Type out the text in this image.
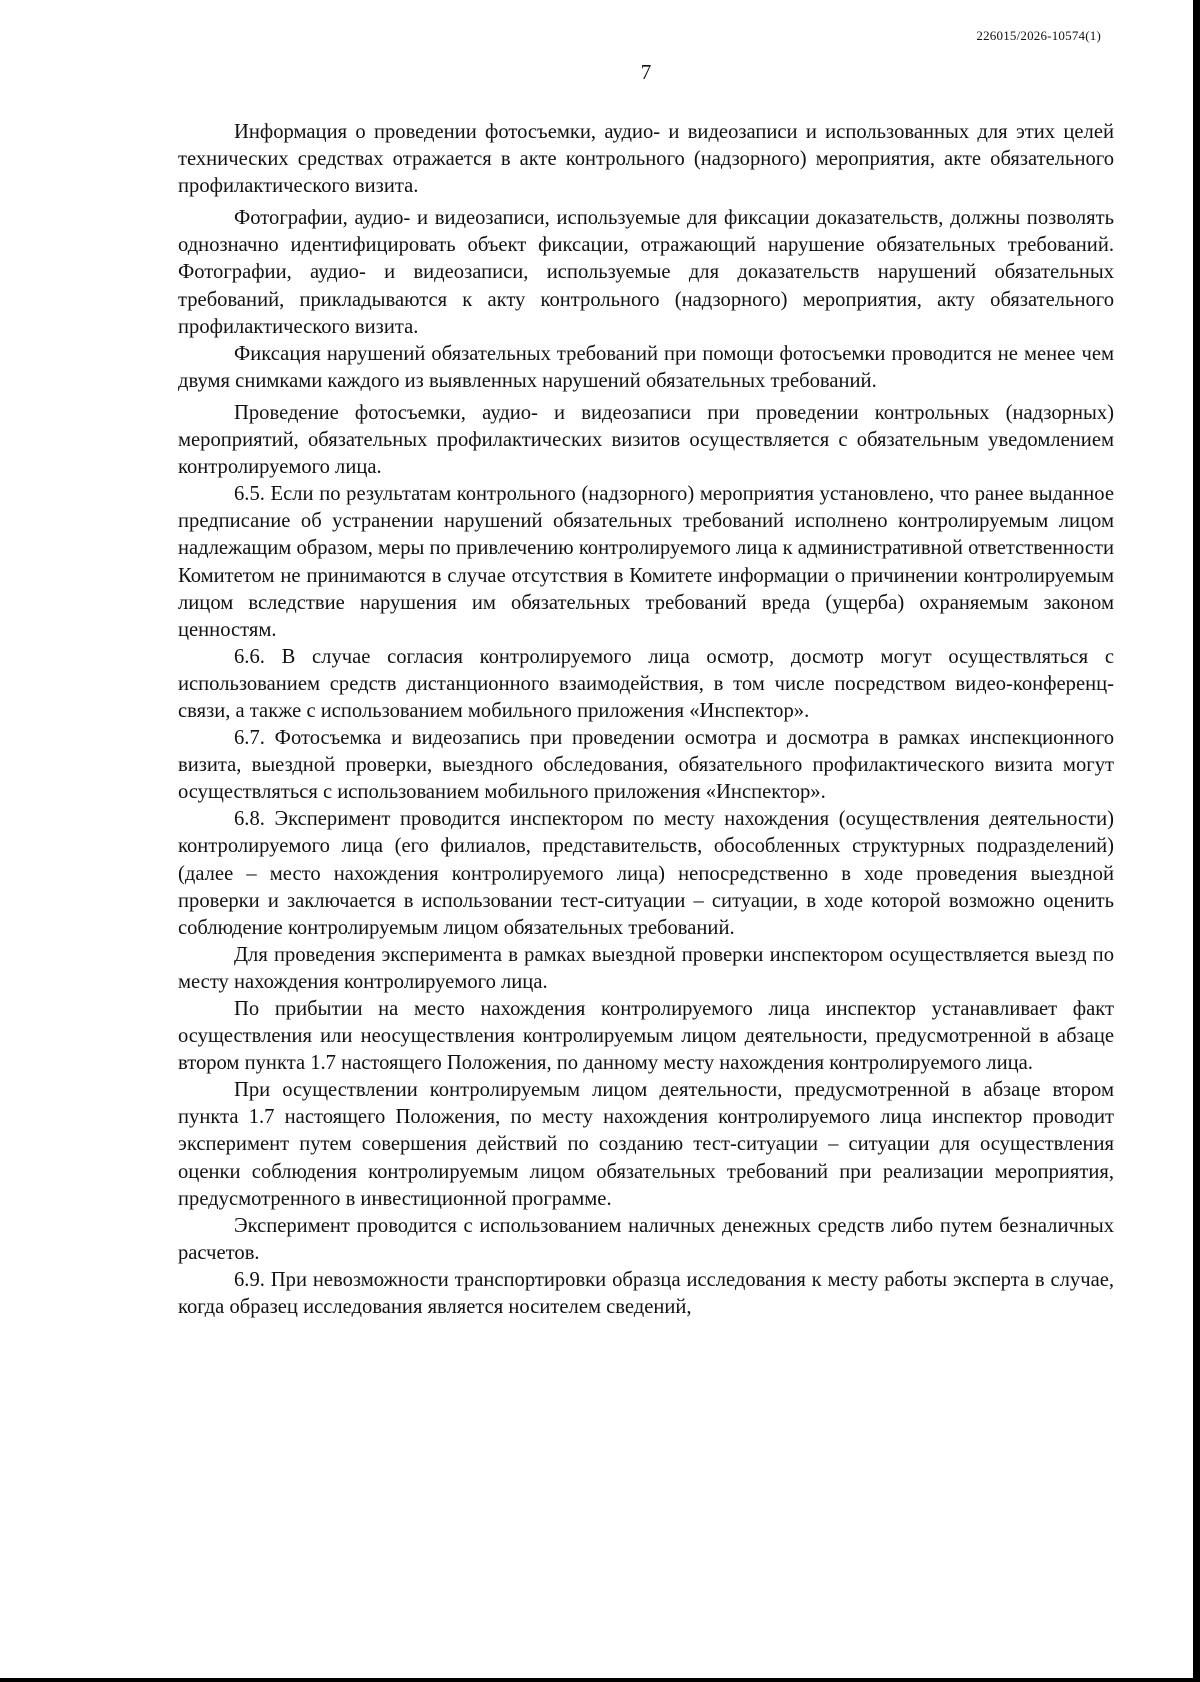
226015/2026-10574(1)
7

Информация о проведении фотосъемки, аудио- и видеозаписи и использованных для этих целей технических средствах отражается в акте контрольного (надзорного) мероприятия, акте обязательного профилактического визита.

Фотографии, аудио- и видеозаписи, используемые для фиксации доказательств, должны позволять однозначно идентифицировать объект фиксации, отражающий нарушение обязательных требований. Фотографии, аудио- и видеозаписи, используемые для доказательств нарушений обязательных требований, прикладываются к акту контрольного (надзорного) мероприятия, акту обязательного профилактического визита.

Фиксация нарушений обязательных требований при помощи фотосъемки проводится не менее чем двумя снимками каждого из выявленных нарушений обязательных требований.

Проведение фотосъемки, аудио- и видеозаписи при проведении контрольных (надзорных) мероприятий, обязательных профилактических визитов осуществляется с обязательным уведомлением контролируемого лица.

6.5. Если по результатам контрольного (надзорного) мероприятия установлено, что ранее выданное предписание об устранении нарушений обязательных требований исполнено контролируемым лицом надлежащим образом, меры по привлечению контролируемого лица к административной ответственности Комитетом не принимаются в случае отсутствия в Комитете информации о причинении контролируемым лицом вследствие нарушения им обязательных требований вреда (ущерба) охраняемым законом ценностям.

6.6. В случае согласия контролируемого лица осмотр, досмотр могут осуществляться с использованием средств дистанционного взаимодействия, в том числе посредством видео-конференц-связи, а также с использованием мобильного приложения «Инспектор».

6.7. Фотосъемка и видеозапись при проведении осмотра и досмотра в рамках инспекционного визита, выездной проверки, выездного обследования, обязательного профилактического визита могут осуществляться с использованием мобильного приложения «Инспектор».

6.8. Эксперимент проводится инспектором по месту нахождения (осуществления деятельности) контролируемого лица (его филиалов, представительств, обособленных структурных подразделений) (далее – место нахождения контролируемого лица) непосредственно в ходе проведения выездной проверки и заключается в использовании тест-ситуации – ситуации, в ходе которой возможно оценить соблюдение контролируемым лицом обязательных требований.

Для проведения эксперимента в рамках выездной проверки инспектором осуществляется выезд по месту нахождения контролируемого лица.

По прибытии на место нахождения контролируемого лица инспектор устанавливает факт осуществления или неосуществления контролируемым лицом деятельности, предусмотренной в абзаце втором пункта 1.7 настоящего Положения, по данному месту нахождения контролируемого лица.

При осуществлении контролируемым лицом деятельности, предусмотренной в абзаце втором пункта 1.7 настоящего Положения, по месту нахождения контролируемого лица инспектор проводит эксперимент путем совершения действий по созданию тест-ситуации – ситуации для осуществления оценки соблюдения контролируемым лицом обязательных требований при реализации мероприятия, предусмотренного в инвестиционной программе.

Эксперимент проводится с использованием наличных денежных средств либо путем безналичных расчетов.

6.9. При невозможности транспортировки образца исследования к месту работы эксперта в случае, когда образец исследования является носителем сведений,
